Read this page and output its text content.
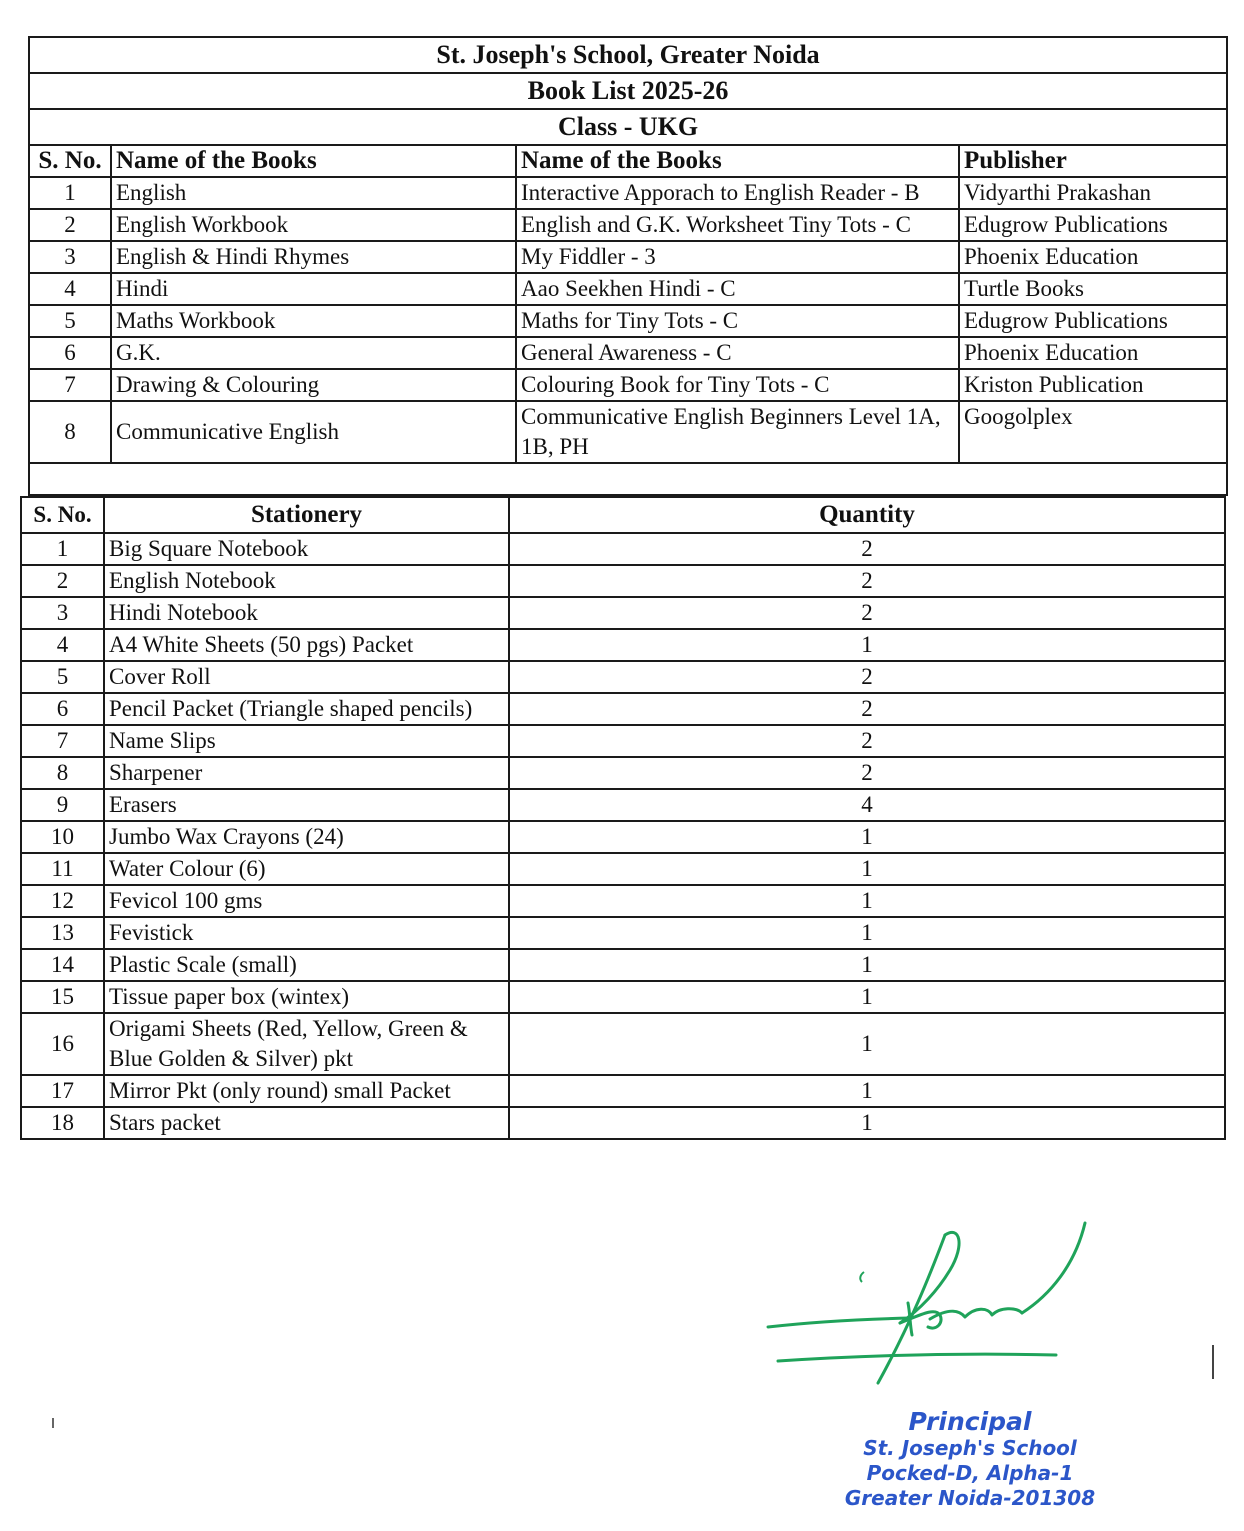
St. Joseph's School, Greater Noida			
Book List 2025-26			
Class - UKG			
S. No.	Name of the Books	Name of the Books	Publisher
1	English	Interactive Apporach to English Reader - B	Vidyarthi Prakashan
2	English Workbook	English and G.K. Worksheet Tiny Tots - C	Edugrow Publications
3	English & Hindi Rhymes	My Fiddler - 3	Phoenix Education
4	Hindi	Aao Seekhen Hindi - C	Turtle Books
5	Maths Workbook	Maths for Tiny Tots - C	Edugrow Publications
6	G.K.	General Awareness - C	Phoenix Education
7	Drawing & Colouring	Colouring Book for Tiny Tots - C	Kriston Publication
8	Communicative English	Communicative English Beginners Level 1A, 1B, PH	Googolplex

S. No.	Stationery	Quantity
1	Big Square Notebook	2
2	English Notebook	2
3	Hindi Notebook	2
4	A4 White Sheets (50 pgs) Packet	1
5	Cover Roll	2
6	Pencil Packet (Triangle shaped pencils)	2
7	Name Slips	2
8	Sharpener	2
9	Erasers	4
10	Jumbo Wax Crayons (24)	1
11	Water Colour (6)	1
12	Fevicol 100 gms	1
13	Fevistick	1
14	Plastic Scale (small)	1
15	Tissue paper box (wintex)	1
16	Origami Sheets (Red, Yellow, Green & Blue Golden & Silver) pkt	1
17	Mirror Pkt (only round) small Packet	1
18	Stars packet	1
Principal
St. Joseph's School
Pocked-D, Alpha-1
Greater Noida-201308
